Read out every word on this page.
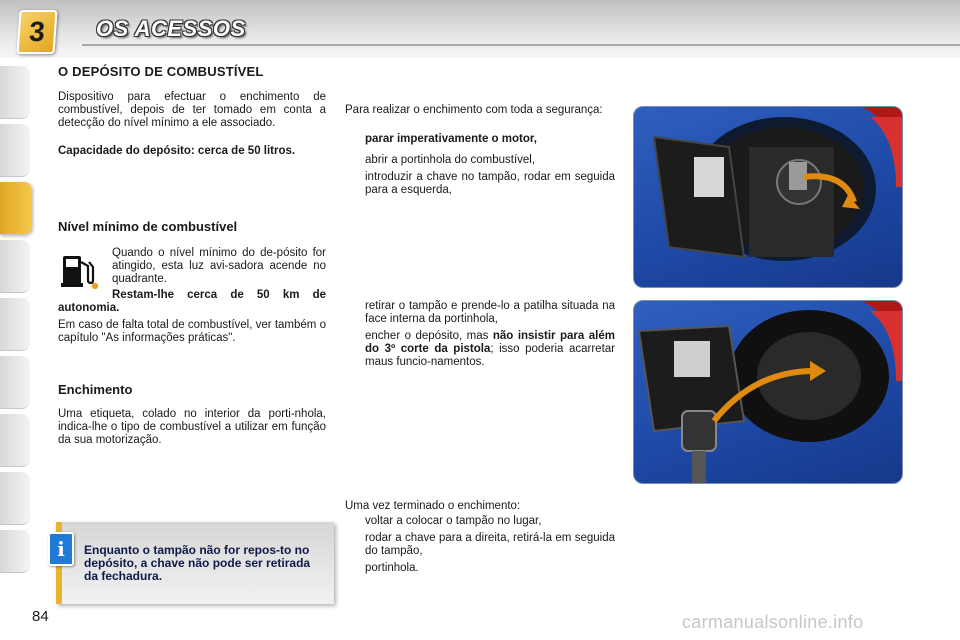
3	OS ACESSOS
O DEPÓSITO DE COMBUSTÍVEL
Dispositivo para efectuar o enchimento de combustível, depois de ter tomado em conta a detecção do nível mínimo a ele associado.
Capacidade do depósito: cerca de 50 litros.
Nível mínimo de combustível
Quando o nível mínimo do de-pósito for atingido, esta luz avi-sadora acende no quadrante.
Restam-lhe cerca de 50 km de autonomia.
Em caso de falta total de combustível, ver também o capítulo "As informações práticas".
Enchimento
Uma etiqueta, colado no interior da porti-nhola, indica-lhe o tipo de combustível a utilizar em função da sua motorização.
i	Enquanto o tampão não for repos-to no depósito, a chave não pode ser retirada da fechadura.
84
Para realizar o enchimento com toda a segurança:
parar imperativamente o motor,
abrir a portinhola do combustível,
introduzir a chave no tampão, rodar em seguida para a esquerda,
retirar o tampão e prende-lo a patilha situada na face interna da portinhola,
encher o depósito, mas não insistir para além do 3º corte da pistola; isso poderia acarretar maus funcio-namentos.
Uma vez terminado o enchimento:
voltar a colocar o tampão no lugar,
rodar a chave para a direita, retirá-la em seguida do tampão,
portinhola.
carmanualsonline.info
